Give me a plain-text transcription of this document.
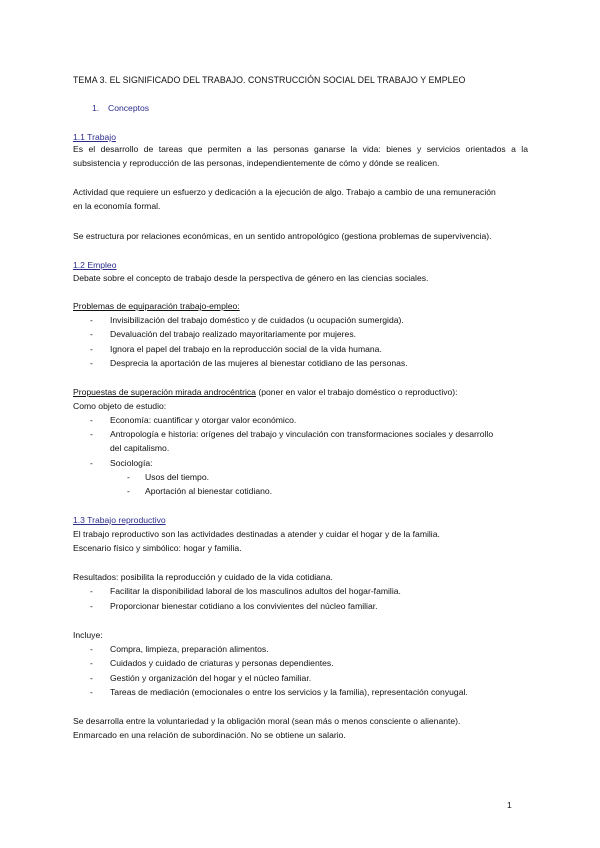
TEMA 3. EL SIGNIFICADO DEL TRABAJO. CONSTRUCCIÓN SOCIAL DEL TRABAJO Y EMPLEO
1. Conceptos
1.1 Trabajo
Es el desarrollo de tareas que permiten a las personas ganarse la vida: bienes y servicios orientados a la
subsistencia y reproducción de las personas, independientemente de cómo y dónde se realicen.
Actividad que requiere un esfuerzo y dedicación a la ejecución de algo. Trabajo a cambio de una remuneración
en la economía formal.
Se estructura por relaciones económicas, en un sentido antropológico (gestiona problemas de supervivencia).
1.2 Empleo
Debate sobre el concepto de trabajo desde la perspectiva de género en las ciencias sociales.
Problemas de equiparación trabajo-empleo:
- Invisibilización del trabajo doméstico y de cuidados (u ocupación sumergida).
- Devaluación del trabajo realizado mayoritariamente por mujeres.
- Ignora el papel del trabajo en la reproducción social de la vida humana.
- Desprecia la aportación de las mujeres al bienestar cotidiano de las personas.
Propuestas de superación mirada androcéntrica (poner en valor el trabajo doméstico o reproductivo):
Como objeto de estudio:
- Economía: cuantificar y otorgar valor económico.
- Antropología e historia: orígenes del trabajo y vinculación con transformaciones sociales y desarrollo
del capitalismo.
- Sociología:
- Usos del tiempo.
- Aportación al bienestar cotidiano.
1.3 Trabajo reproductivo
El trabajo reproductivo son las actividades destinadas a atender y cuidar el hogar y de la familia.
Escenario físico y simbólico: hogar y familia.
Resultados: posibilita la reproducción y cuidado de la vida cotidiana.
- Facilitar la disponibilidad laboral de los masculinos adultos del hogar-familia.
- Proporcionar bienestar cotidiano a los convivientes del núcleo familiar.
Incluye:
- Compra, limpieza, preparación alimentos.
- Cuidados y cuidado de criaturas y personas dependientes.
- Gestión y organización del hogar y el núcleo familiar.
- Tareas de mediación (emocionales o entre los servicios y la familia), representación conyugal.
Se desarrolla entre la voluntariedad y la obligación moral (sean más o menos consciente o alienante).
Enmarcado en una relación de subordinación. No se obtiene un salario.
1
